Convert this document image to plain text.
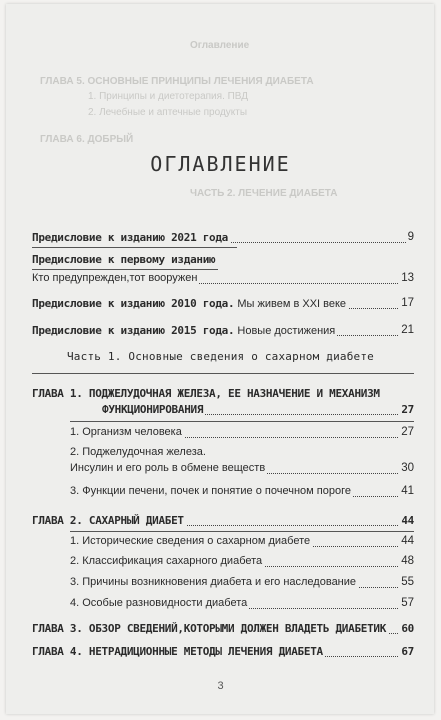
Оглавление
ГЛАВА 5. ОСНОВНЫЕ ПРИНЦИПЫ ЛЕЧЕНИЯ ДИАБЕТА
1. Принципы и диетотерапия. ПВД
2. Лечебные и аптечные продукты
ГЛАВА 6. ДОБРЫЙ
ЧАСТЬ 2. ЛЕЧЕНИЕ ДИАБЕТА
ОГЛАВЛЕНИЕ
Предисловие к изданию 2021 года	9
Предисловие к первому изданию
Кто предупрежден,тот вооружен	13
Предисловие к изданию 2010 года. Мы живем в XXI веке	17
Предисловие к изданию 2015 года. Новые достижения	21
Часть 1. Основные сведения о сахарном диабете
ГЛАВА 1. ПОДЖЕЛУДОЧНАЯ ЖЕЛЕЗА, ЕЕ НАЗНАЧЕНИЕ И МЕХАНИЗМ
ФУНКЦИОНИРОВАНИЯ	27
1. Организм человека	27
2. Поджелудочная железа.
Инсулин и его роль в обмене веществ	30
3. Функции печени, почек и понятие о почечном пороге	41
ГЛАВА 2. САХАРНЫЙ ДИАБЕТ	44
1. Исторические сведения о сахарном диабете	44
2. Классификация сахарного диабета	48
3. Причины возникновения диабета и его наследование	55
4. Особые разновидности диабета	57
ГЛАВА 3. ОБЗОР СВЕДЕНИЙ,КОТОРЫМИ ДОЛЖЕН ВЛАДЕТЬ ДИАБЕТИК 60
ГЛАВА 4. НЕТРАДИЦИОННЫЕ МЕТОДЫ ЛЕЧЕНИЯ ДИАБЕТА	67
3
